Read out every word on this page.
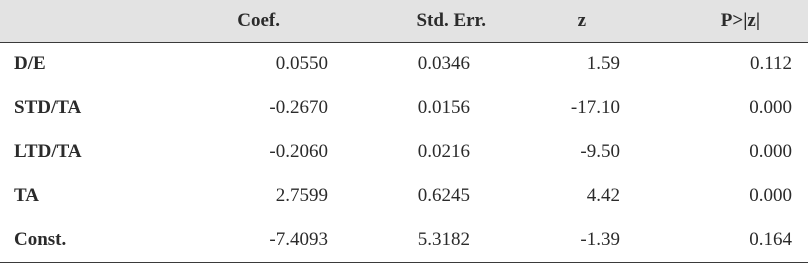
	Coef.	Std. Err.	z	P>|z|
D/E	0.0550	0.0346	1.59	0.112
STD/TA	-0.2670	0.0156	-17.10	0.000
LTD/TA	-0.2060	0.0216	-9.50	0.000
TA	2.7599	0.6245	4.42	0.000
Const.	-7.4093	5.3182	-1.39	0.164
